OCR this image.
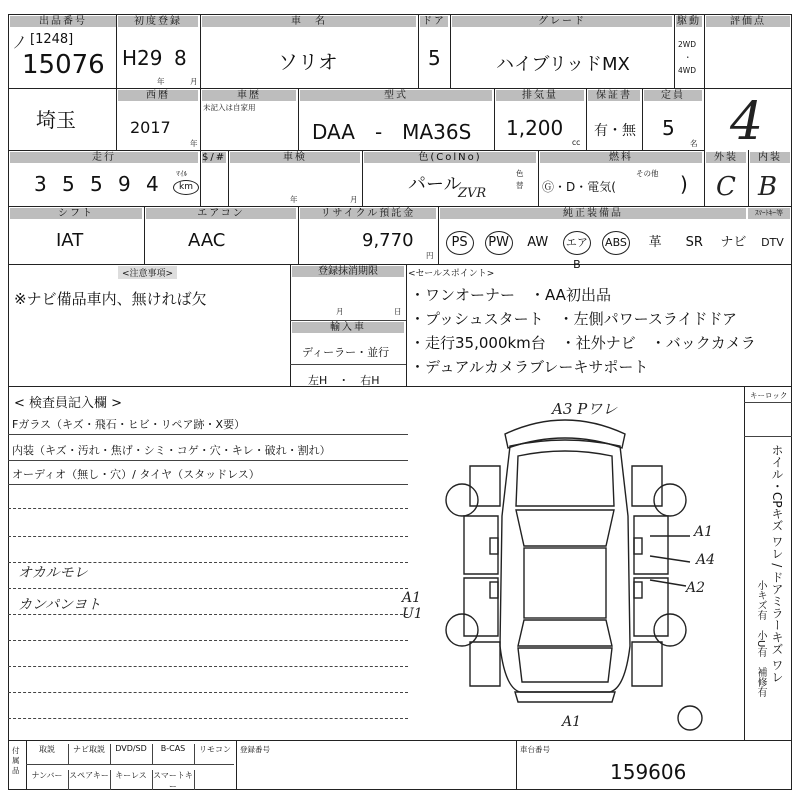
出品番号
ﾉ [1248]
15076
初度登録
H29 8
年	月
車　名
ソリオ
ドア
5
グレード
ハイブリッドMX
駆動
2WD
・
4WD
評価点
4
埼玉
西暦
2017
年
車歴
未記入は自家用
型式
DAA　-　MA36S
排気量
1,200
cc
保証書
有・無
定員
5
名
走行
3 5 5 9 4 ﾏｲﾙ
km
$/#	車検
年	月
色(ColNo)
パール
ZVR
色替
燃料
Ⓖ・D・電気(
その他 )
外装
C
内装
B
シフト
IAT
エアコン
AAC
リサイクル預託金
9,770
円
純正装備品	ｽﾏｰﾄｷｰ等
PS	PW	AW	エアB
ABS	革	SR	ナビ	DTV
<注意事項>
※ナビ備品車内、無ければ欠
登録抹消期限
月	日
輸入車
ディーラー・並行
左H　・　右H
<セールスポイント>
・ワンオーナー　・AA初出品
・プッシュスタート　・左側パワースライドドア
・走行35,000km台　・社外ナビ　・バックカメラ
・デュアルカメラブレーキサポート
< 検査員記入欄 >
Fガラス（キズ・飛石・ヒビ・リペア跡・X要）
内装（キズ・汚れ・焦げ・シミ・コゲ・穴・キレ・破れ・割れ）
オーディオ（無し・穴）/ タイヤ（スタッドレス）
オカルモレ
カンパンヨト
キーロック
ホイル・CPキズ ワレ / ドアミラーキズ ワレ
小キズ有　小U有　補修有
A3 Pワレ
A1
A4
A2
A1 U1
A1
付属品
取説	ナビ取説	DVD/SD	B-CAS	リモコン
ナンバー スペアキー キーレス スマートキー
登録番号	車台番号
159606
